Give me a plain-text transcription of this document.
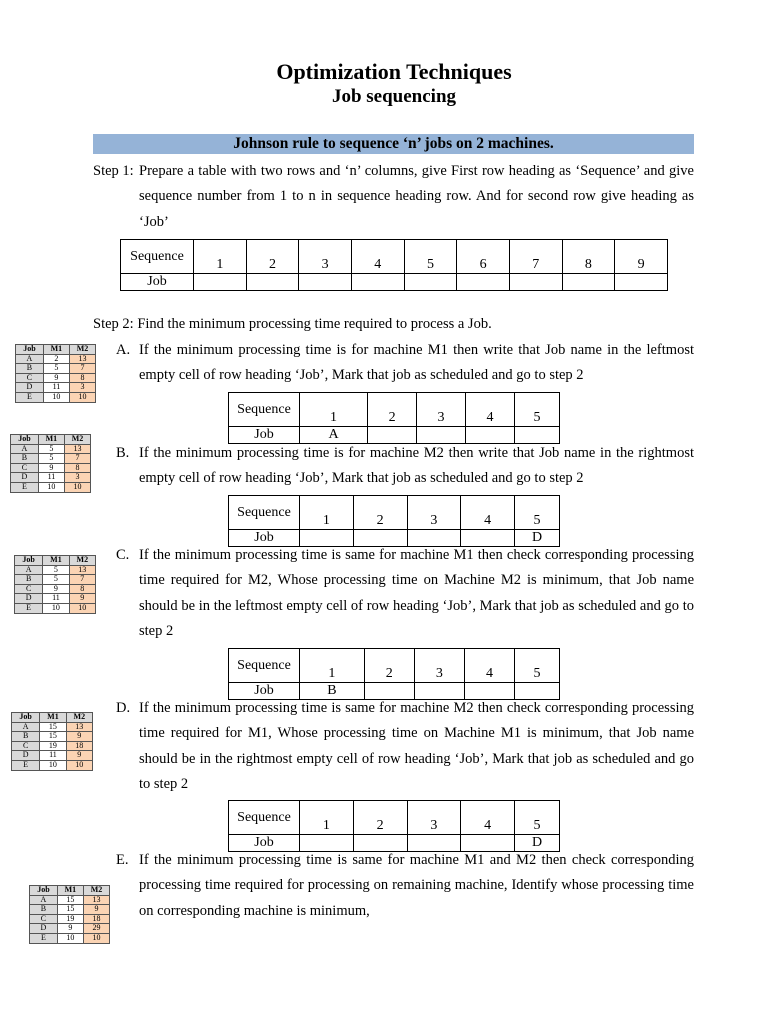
Optimization Techniques
Job sequencing
Johnson rule to sequence ‘n’ jobs on 2 machines.
Step 1: Prepare a table with two rows and ‘n’ columns, give First row heading as ‘Sequence’ and give sequence number from 1 to n in sequence heading row. And for second row give heading as ‘Job’
Sequence	1	2	3	4	5	6	7	8	9
Job									
Step 2: Find the minimum processing time required to process a Job.
A. If the minimum processing time is for machine M1 then write that Job name in the leftmost empty cell of row heading ‘Job’, Mark that job as scheduled and go to step 2
B. If the minimum processing time is for machine M2 then write that Job name in the rightmost empty cell of row heading ‘Job’, Mark that job as scheduled and go to step 2
C. If the minimum processing time is same for machine M1 then check corresponding processing time required for M2, Whose processing time on Machine M2 is minimum, that Job name should be in the leftmost empty cell of row heading ‘Job’, Mark that job as scheduled and go to step 2
D. If the minimum processing time is same for machine M2 then check corresponding processing time required for M1, Whose processing time on Machine M1 is minimum, that Job name should be in the rightmost empty cell of row heading ‘Job’, Mark that job as scheduled and go to step 2
E. If the minimum processing time is same for machine M1 and M2 then check corresponding processing time required for processing on remaining machine, Identify whose processing time on corresponding machine is minimum,
Sequence	1	2	3	4	5
Job	A				
Sequence	1	2	3	4	5
Job					D
Sequence	1	2	3	4	5
Job	B				
Sequence	1	2	3	4	5
Job					D
Job	M1	M2
A	2	13
B	5	7
C	9	8
D	11	3
E	10	10
Job	M1	M2
A	5	13
B	5	7
C	9	8
D	11	3
E	10	10
Job	M1	M2
A	5	13
B	5	7
C	9	8
D	11	9
E	10	10
Job	M1	M2
A	15	13
B	15	9
C	19	18
D	11	9
E	10	10
Job	M1	M2
A	15	13
B	15	9
C	19	18
D	9	29
E	10	10
